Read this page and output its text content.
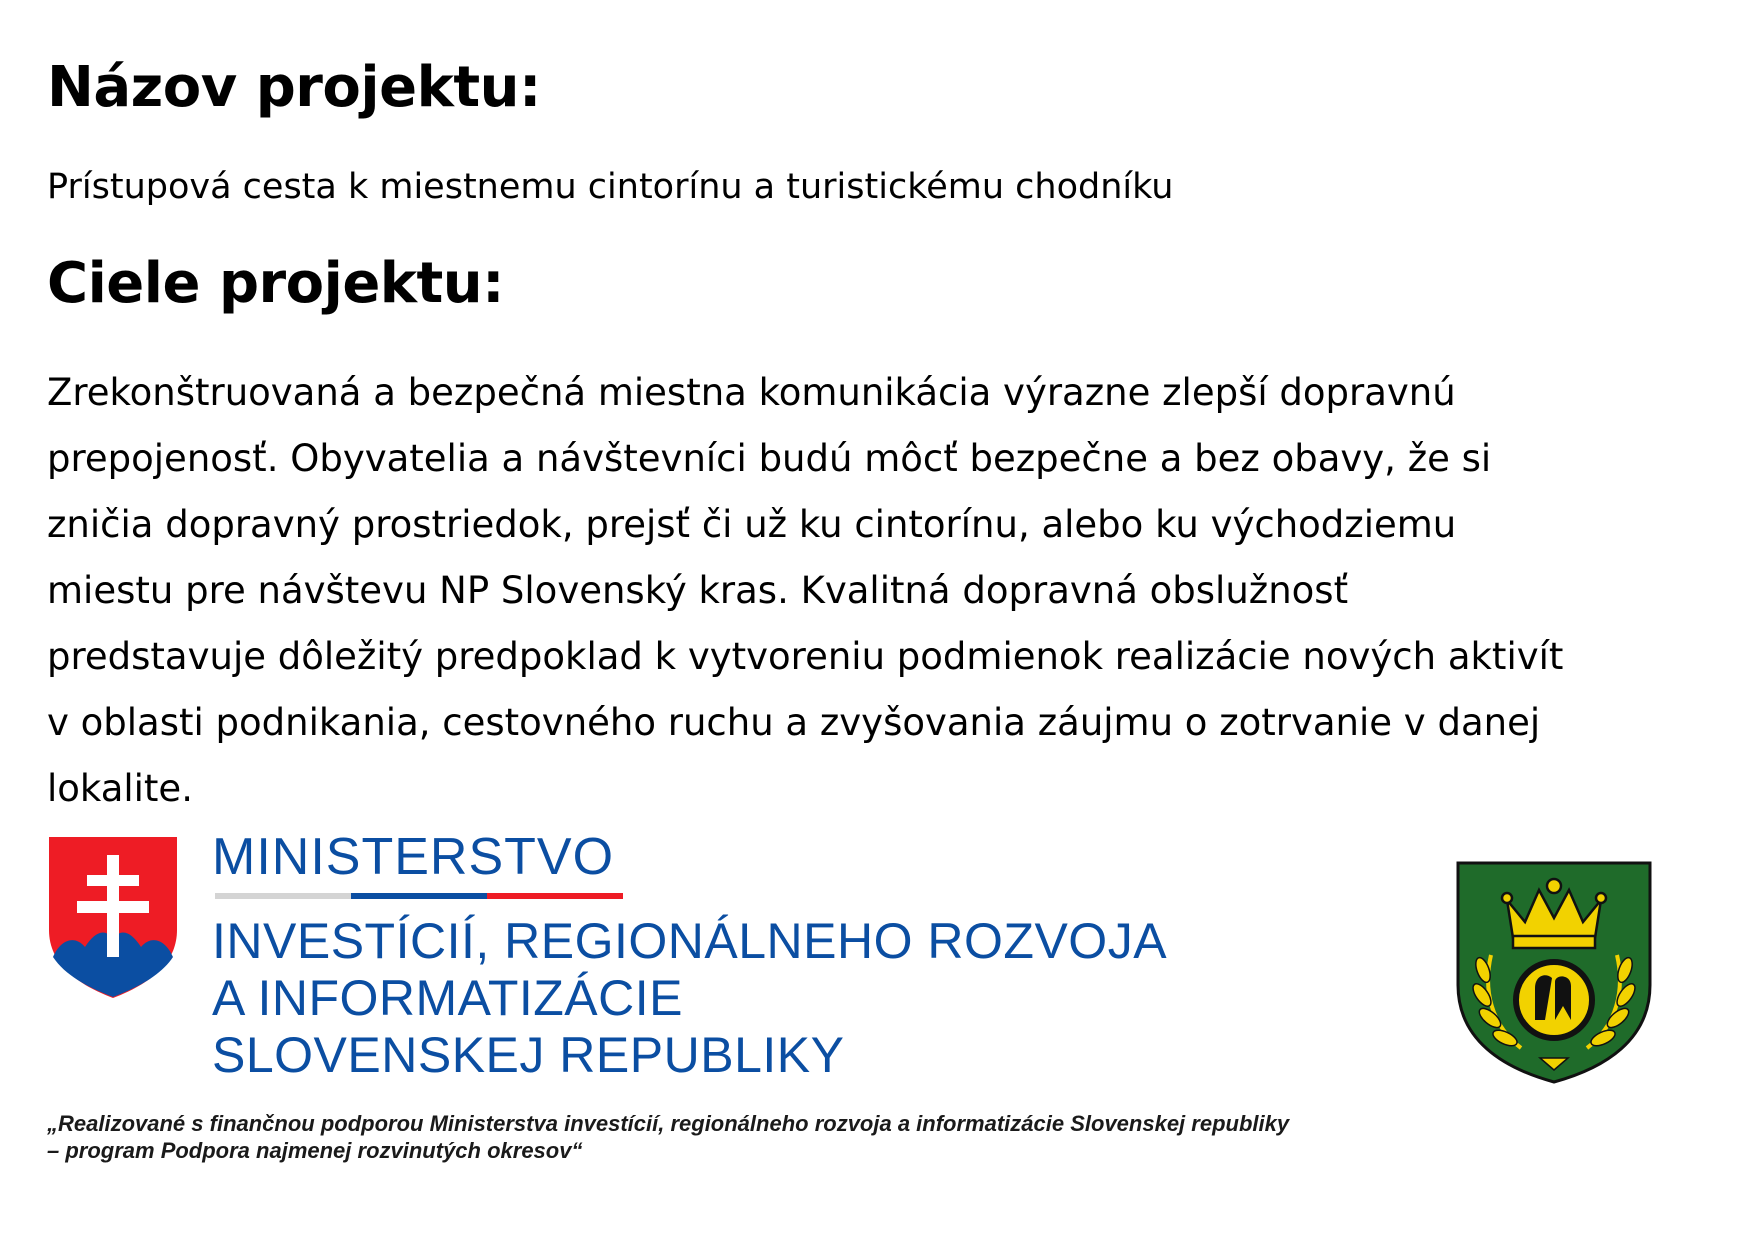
Názov projektu:

Prístupová cesta k miestnemu cintorínu a turistickému chodníku

Ciele projektu:
Zrekonštruovaná a bezpečná miestna komunikácia výrazne zlepší dopravnú
prepojenosť. Obyvatelia a návštevníci budú môcť bezpečne a bez obavy, že si
zničia dopravný prostriedok, prejsť či už ku cintorínu, alebo ku východziemu
miestu pre návštevu NP Slovenský kras. Kvalitná dopravná obslužnosť
predstavuje dôležitý predpoklad k vytvoreniu podmienok realizácie nových aktivít
v oblasti podnikania, cestovného ruchu a zvyšovania záujmu o zotrvanie v danej
lokalite.
MINISTERSTVO
INVESTÍCIÍ, REGIONÁLNEHO ROZVOJA
A INFORMATIZÁCIE
SLOVENSKEJ REPUBLIKY
„Realizované s finančnou podporou Ministerstva investícií, regionálneho rozvoja a informatizácie Slovenskej republiky
– program Podpora najmenej rozvinutých okresov“
